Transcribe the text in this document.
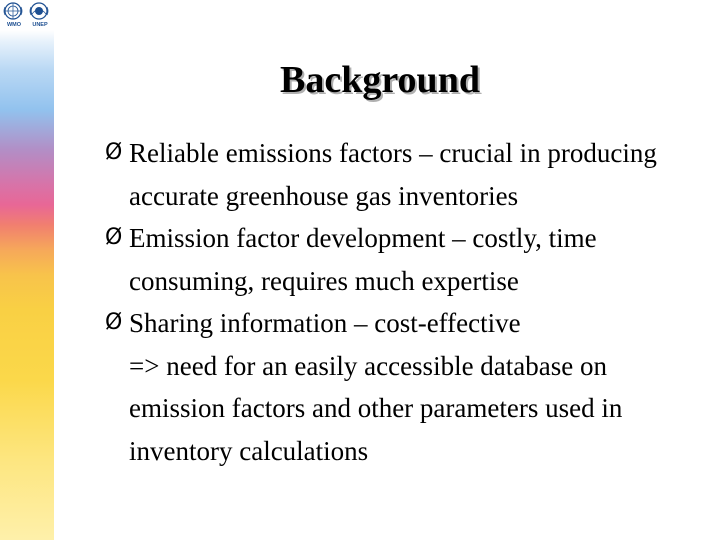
WMO	UNEP
Background
Ø Reliable emissions factors – crucial in producing accurate greenhouse gas inventories
Ø Emission factor development – costly, time consuming, requires much expertise
Ø Sharing information – cost-effective
=> need for an easily accessible database on emission factors and other parameters used in inventory calculations
